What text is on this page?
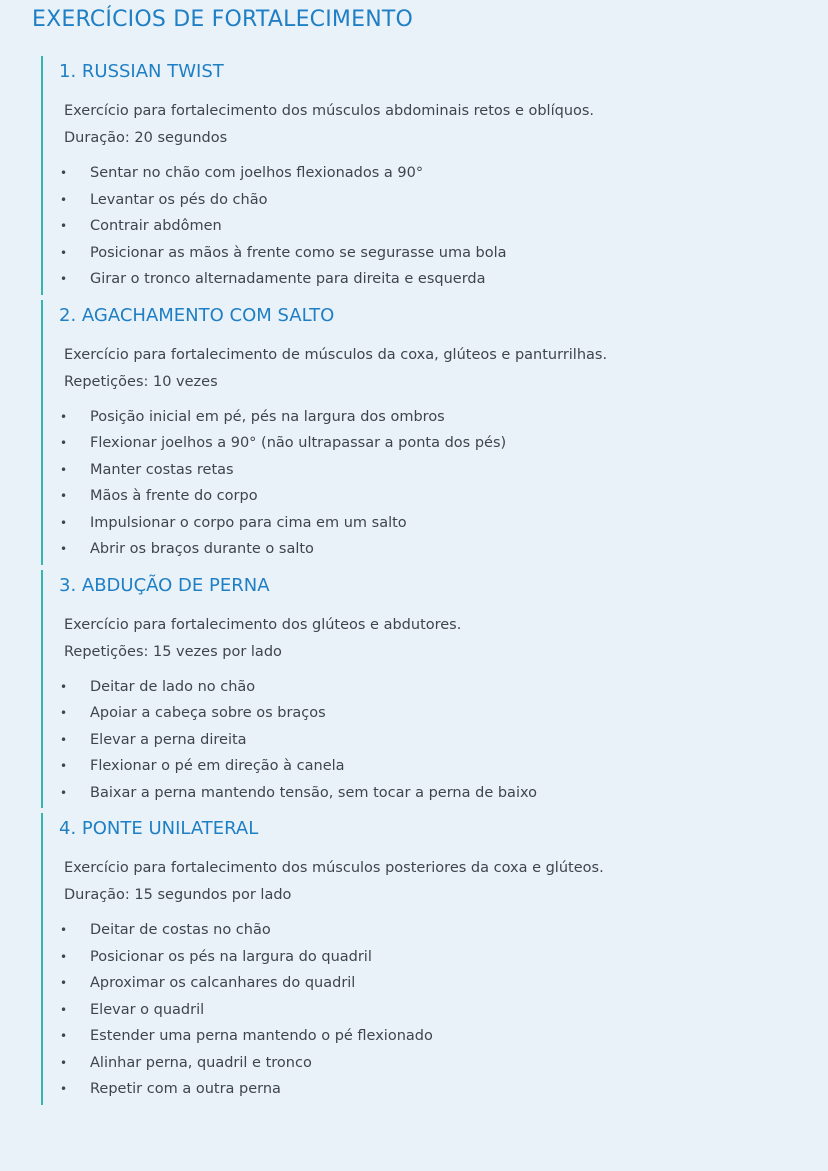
EXERCÍCIOS DE FORTALECIMENTO
1. RUSSIAN TWIST

Exercício para fortalecimento dos músculos abdominais retos e oblíquos.

Duração: 20 segundos

• Sentar no chão com joelhos flexionados a 90°
• Levantar os pés do chão
• Contrair abdômen
• Posicionar as mãos à frente como se segurasse uma bola
• Girar o tronco alternadamente para direita e esquerda
2. AGACHAMENTO COM SALTO

Exercício para fortalecimento de músculos da coxa, glúteos e panturrilhas.

Repetições: 10 vezes

• Posição inicial em pé, pés na largura dos ombros
• Flexionar joelhos a 90° (não ultrapassar a ponta dos pés)
• Manter costas retas
• Mãos à frente do corpo
• Impulsionar o corpo para cima em um salto
• Abrir os braços durante o salto
3. ABDUÇÃO DE PERNA

Exercício para fortalecimento dos glúteos e abdutores.

Repetições: 15 vezes por lado

• Deitar de lado no chão
• Apoiar a cabeça sobre os braços
• Elevar a perna direita
• Flexionar o pé em direção à canela
• Baixar a perna mantendo tensão, sem tocar a perna de baixo
4. PONTE UNILATERAL

Exercício para fortalecimento dos músculos posteriores da coxa e glúteos.

Duração: 15 segundos por lado

• Deitar de costas no chão
• Posicionar os pés na largura do quadril
• Aproximar os calcanhares do quadril
• Elevar o quadril
• Estender uma perna mantendo o pé flexionado
• Alinhar perna, quadril e tronco
• Repetir com a outra perna
